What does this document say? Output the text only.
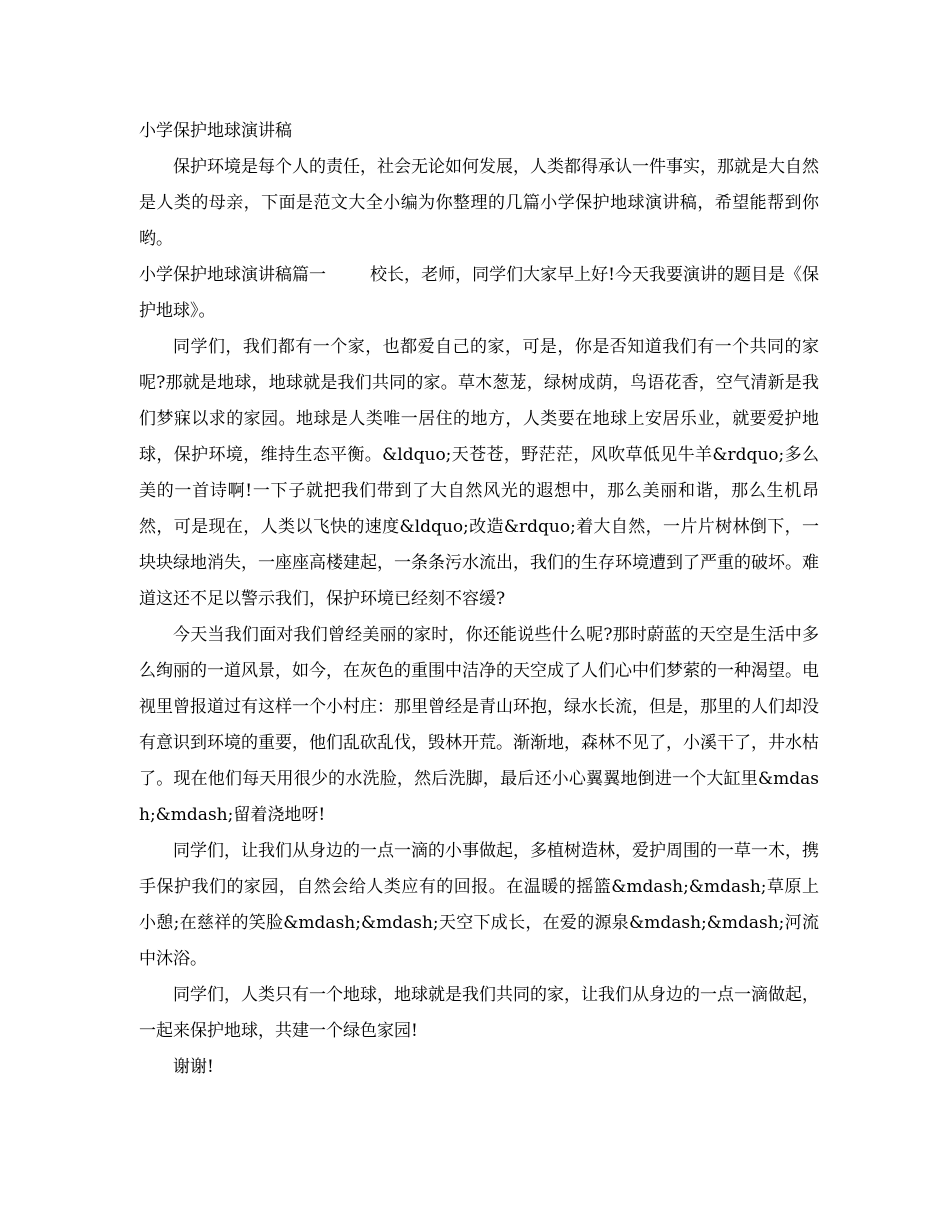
小学保护地球演讲稿

保护环境是每个人的责任，社会无论如何发展，人类都得承认一件事实，那就是大自然是人类的母亲，下面是范文大全小编为你整理的几篇小学保护地球演讲稿，希望能帮到你哟。

小学保护地球演讲稿篇一	校长，老师，同学们大家早上好!今天我要演讲的题目是《保护地球》。

同学们，我们都有一个家，也都爱自己的家，可是，你是否知道我们有一个共同的家呢?那就是地球，地球就是我们共同的家。草木葱茏，绿树成荫，鸟语花香，空气清新是我们梦寐以求的家园。地球是人类唯一居住的地方，人类要在地球上安居乐业，就要爱护地球，保护环境，维持生态平衡。&ldquo;天苍苍，野茫茫，风吹草低见牛羊&rdquo;多么美的一首诗啊!一下子就把我们带到了大自然风光的遐想中，那么美丽和谐，那么生机昂然，可是现在，人类以飞快的速度&ldquo;改造&rdquo;着大自然，一片片树林倒下，一块块绿地消失，一座座高楼建起，一条条污水流出，我们的生存环境遭到了严重的破坏。难道这还不足以警示我们，保护环境已经刻不容缓?

今天当我们面对我们曾经美丽的家时，你还能说些什么呢?那时蔚蓝的天空是生活中多么绚丽的一道风景，如今，在灰色的重围中洁净的天空成了人们心中们梦萦的一种渴望。电视里曾报道过有这样一个小村庄：那里曾经是青山环抱，绿水长流，但是，那里的人们却没有意识到环境的重要，他们乱砍乱伐，毁林开荒。渐渐地，森林不见了，小溪干了，井水枯了。现在他们每天用很少的水洗脸，然后洗脚，最后还小心翼翼地倒进一个大缸里&mdash;&mdash;留着浇地呀!

同学们，让我们从身边的一点一滴的小事做起，多植树造林，爱护周围的一草一木，携手保护我们的家园，自然会给人类应有的回报。在温暖的摇篮&mdash;&mdash;草原上小憩;在慈祥的笑脸&mdash;&mdash;天空下成长，在爱的源泉&mdash;&mdash;河流中沐浴。

同学们，人类只有一个地球，地球就是我们共同的家，让我们从身边的一点一滴做起，一起来保护地球，共建一个绿色家园!

谢谢!
